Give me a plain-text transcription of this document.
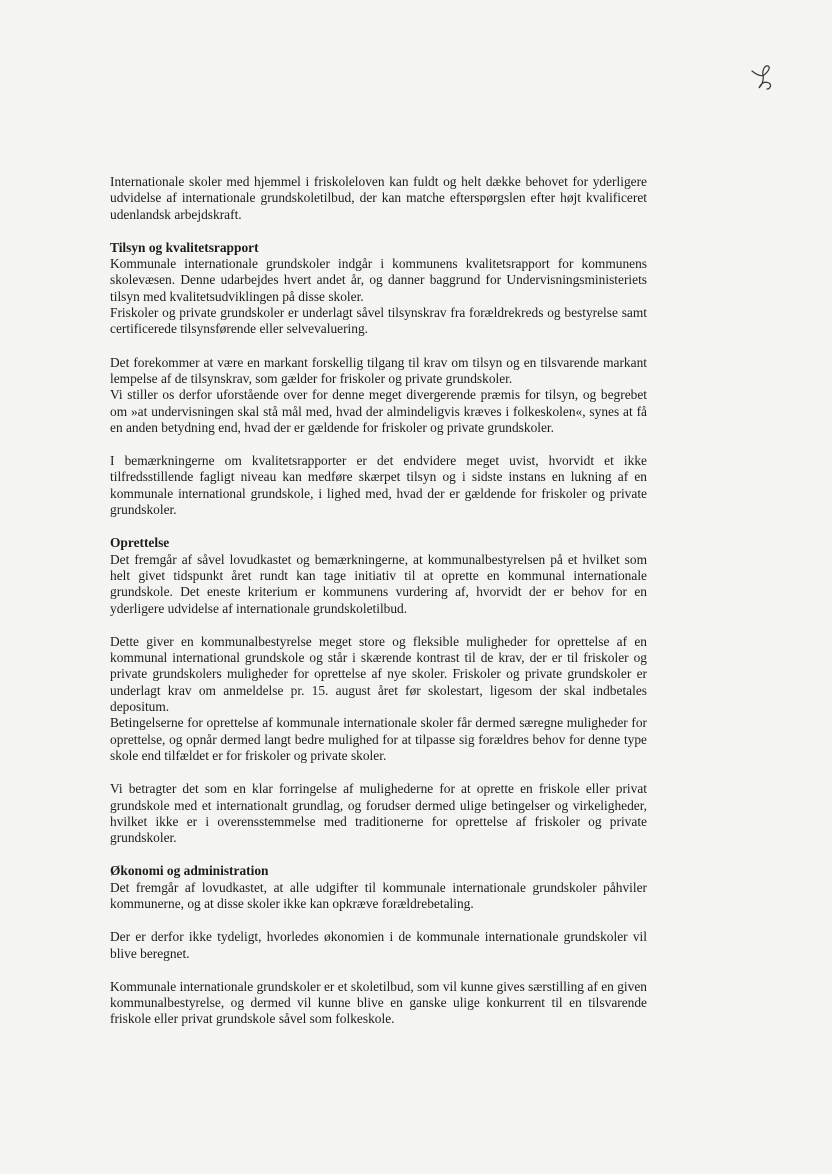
Internationale skoler med hjemmel i friskoleloven kan fuldt og helt dække behovet for yderligere udvidelse af internationale grundskoletilbud, der kan matche efterspørgslen efter højt kvalificeret udenlandsk arbejdskraft.

Tilsyn og kvalitetsrapport

Kommunale internationale grundskoler indgår i kommunens kvalitetsrapport for kommunens skolevæsen. Denne udarbejdes hvert andet år, og danner baggrund for Undervisningsministeriets tilsyn med kvalitetsudviklingen på disse skoler.

Friskoler og private grundskoler er underlagt såvel tilsynskrav fra forældrekreds og bestyrelse samt certificerede tilsynsførende eller selvevaluering.

Det forekommer at være en markant forskellig tilgang til krav om tilsyn og en tilsvarende markant lempelse af de tilsynskrav, som gælder for friskoler og private grundskoler.

Vi stiller os derfor uforstående over for denne meget divergerende præmis for tilsyn, og begrebet om »at undervisningen skal stå mål med, hvad der almindeligvis kræves i folkeskolen«, synes at få en anden betydning end, hvad der er gældende for friskoler og private grundskoler.

I bemærkningerne om kvalitetsrapporter er det endvidere meget uvist, hvorvidt et ikke tilfredsstillende fagligt niveau kan medføre skærpet tilsyn og i sidste instans en lukning af en kommunale international grundskole, i lighed med, hvad der er gældende for friskoler og private grundskoler.

Oprettelse

Det fremgår af såvel lovudkastet og bemærkningerne, at kommunalbestyrelsen på et hvilket som helt givet tidspunkt året rundt kan tage initiativ til at oprette en kommunal internationale grundskole. Det eneste kriterium er kommunens vurdering af, hvorvidt der er behov for en yderligere udvidelse af internationale grundskoletilbud.

Dette giver en kommunalbestyrelse meget store og fleksible muligheder for oprettelse af en kommunal international grundskole og står i skærende kontrast til de krav, der er til friskoler og private grundskolers muligheder for oprettelse af nye skoler. Friskoler og private grundskoler er underlagt krav om anmeldelse pr. 15. august året før skolestart, ligesom der skal indbetales depositum.

Betingelserne for oprettelse af kommunale internationale skoler får dermed særegne muligheder for oprettelse, og opnår dermed langt bedre mulighed for at tilpasse sig forældres behov for denne type skole end tilfældet er for friskoler og private skoler.

Vi betragter det som en klar forringelse af mulighederne for at oprette en friskole eller privat grundskole med et internationalt grundlag, og forudser dermed ulige betingelser og virkeligheder, hvilket ikke er i overensstemmelse med traditionerne for oprettelse af friskoler og private grundskoler.

Økonomi og administration

Det fremgår af lovudkastet, at alle udgifter til kommunale internationale grundskoler påhviler kommunerne, og at disse skoler ikke kan opkræve forældrebetaling.

Der er derfor ikke tydeligt, hvorledes økonomien i de kommunale internationale grundskoler vil blive beregnet.

Kommunale internationale grundskoler er et skoletilbud, som vil kunne gives særstilling af en given kommunalbestyrelse, og dermed vil kunne blive en ganske ulige konkurrent til en tilsvarende friskole eller privat grundskole såvel som folkeskole.
